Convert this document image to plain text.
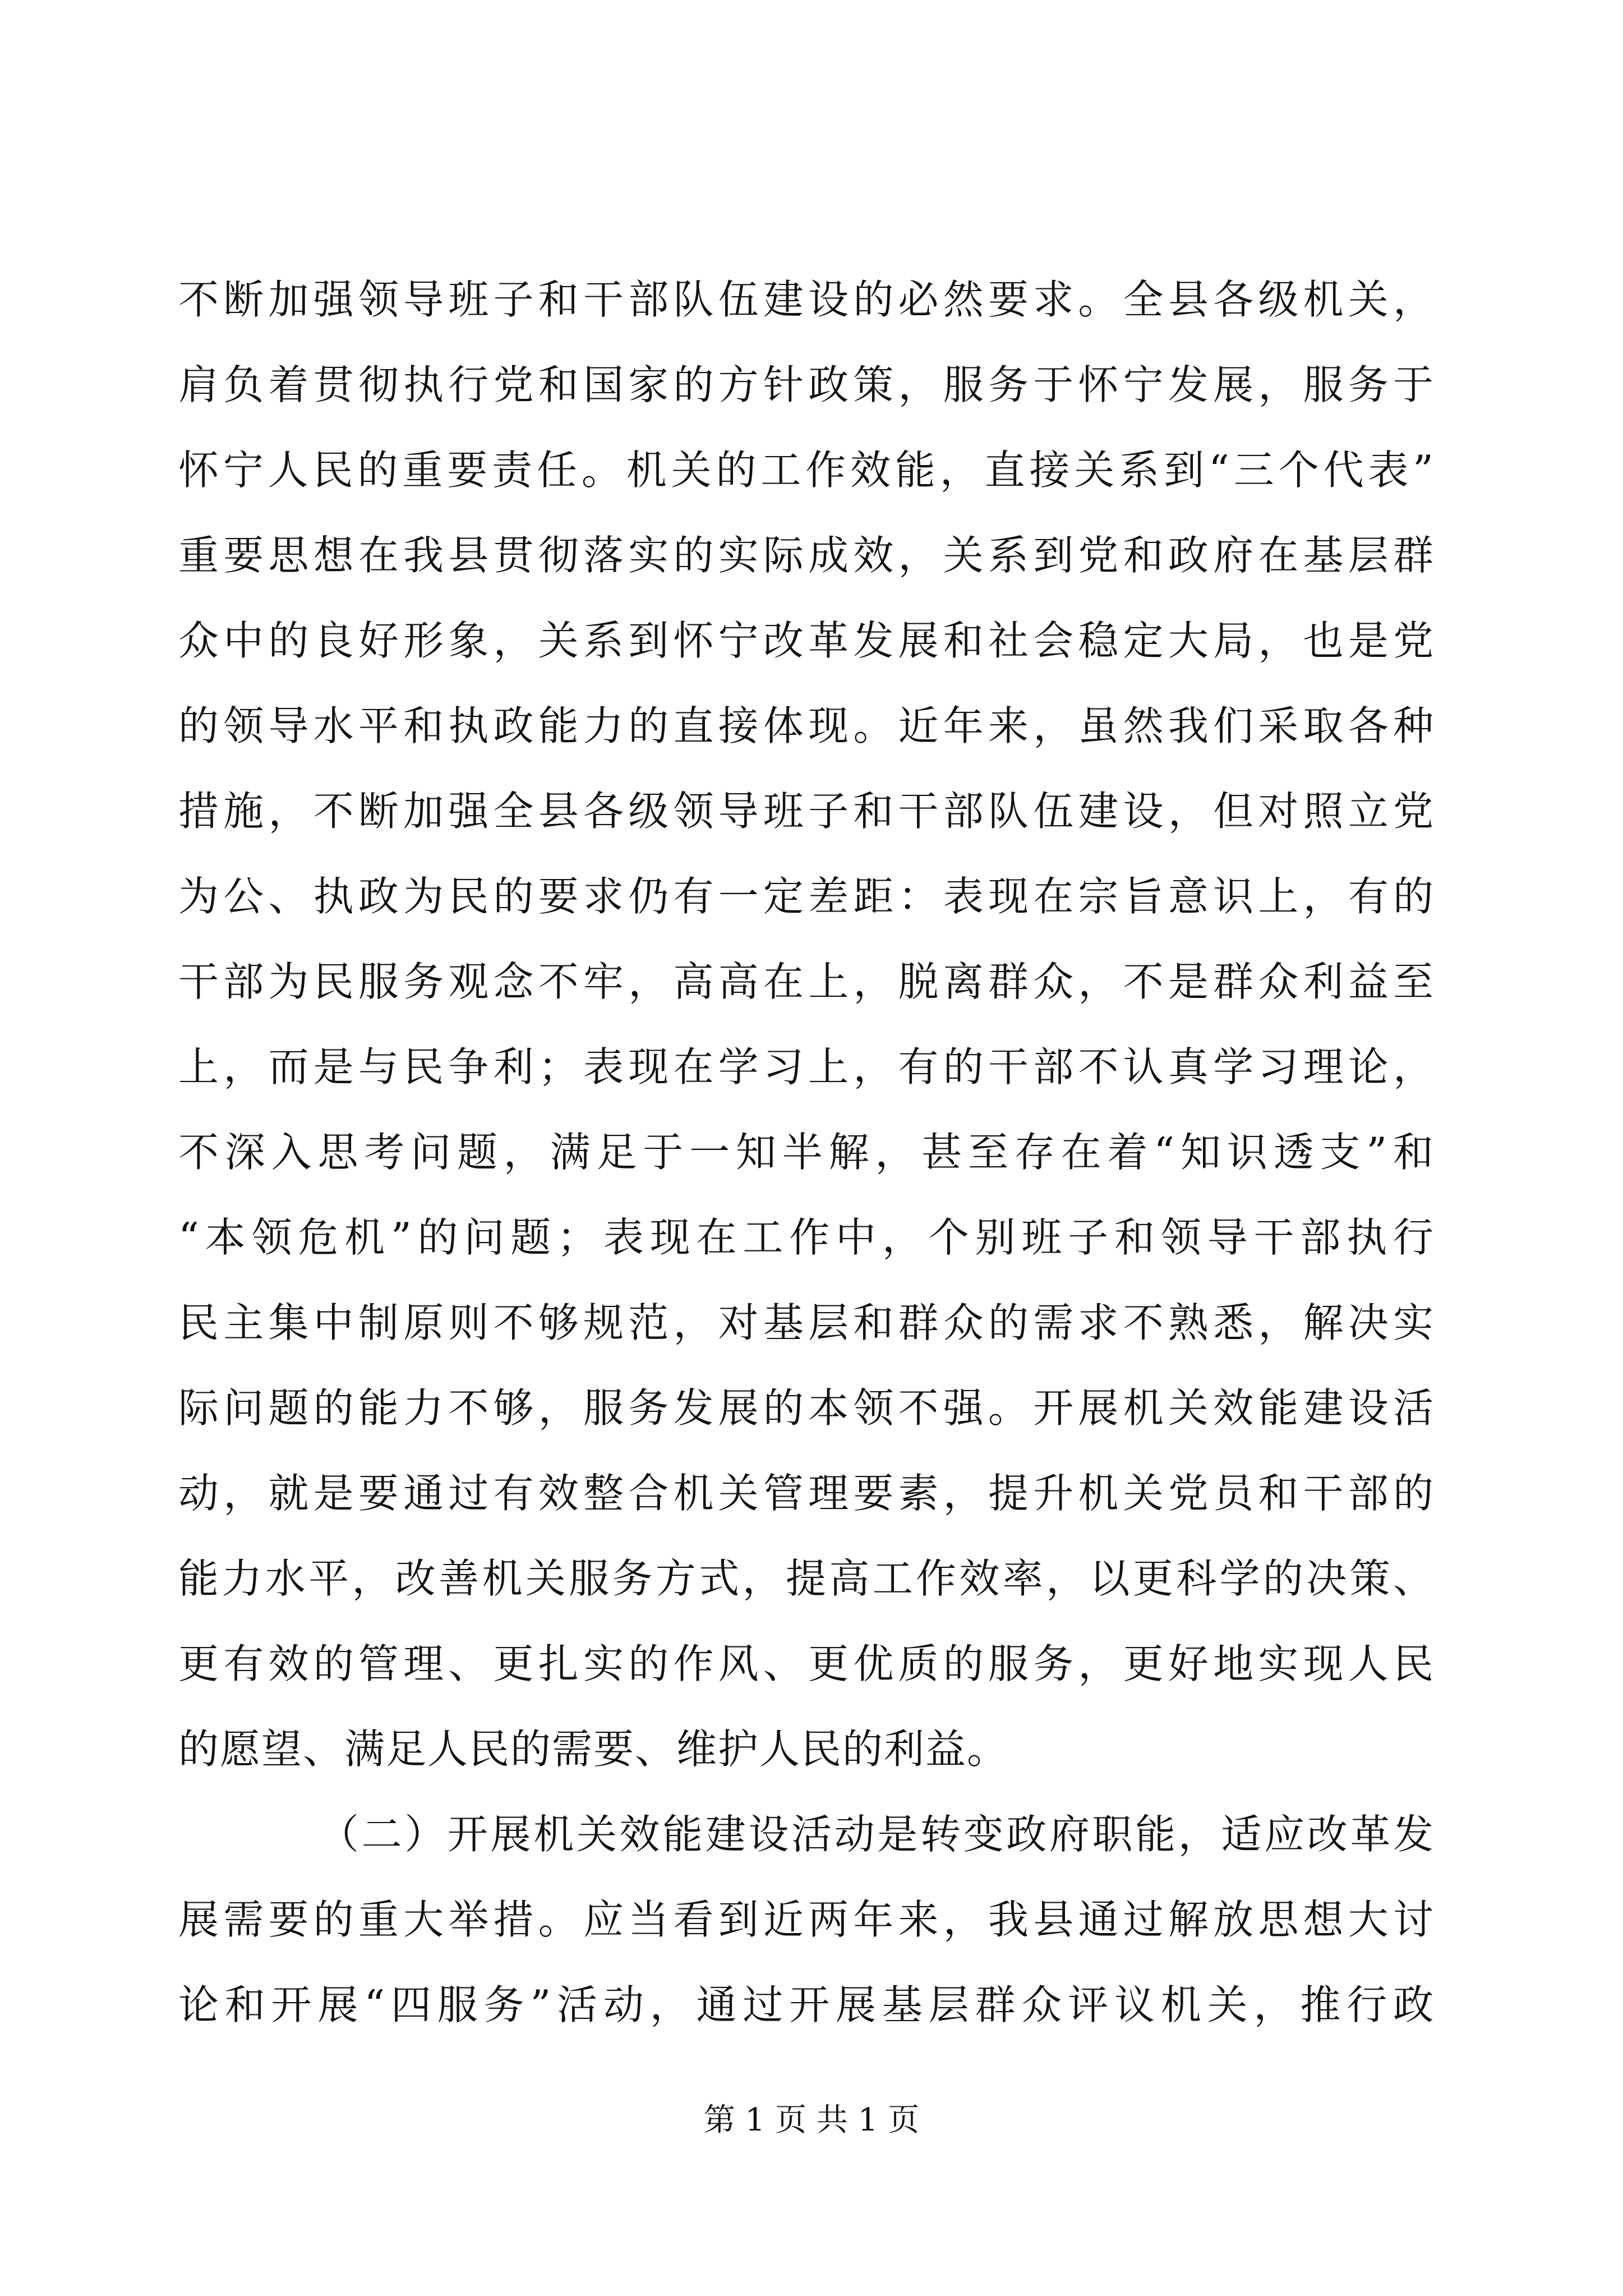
不断加强领导班子和干部队伍建设的必然要求。全县各级机关，
肩负着贯彻执行党和国家的方针政策，服务于怀宁发展，服务于
怀宁人民的重要责任。机关的工作效能，直接关系到“三个代表”
重要思想在我县贯彻落实的实际成效，关系到党和政府在基层群
众中的良好形象，关系到怀宁改革发展和社会稳定大局，也是党
的领导水平和执政能力的直接体现。近年来，虽然我们采取各种
措施，不断加强全县各级领导班子和干部队伍建设，但对照立党
为公、执政为民的要求仍有一定差距：表现在宗旨意识上，有的
干部为民服务观念不牢，高高在上，脱离群众，不是群众利益至
上，而是与民争利；表现在学习上，有的干部不认真学习理论，
不深入思考问题，满足于一知半解，甚至存在着“知识透支”和
“本领危机”的问题；表现在工作中，个别班子和领导干部执行
民主集中制原则不够规范，对基层和群众的需求不熟悉，解决实
际问题的能力不够，服务发展的本领不强。开展机关效能建设活
动，就是要通过有效整合机关管理要素，提升机关党员和干部的
能力水平，改善机关服务方式，提高工作效率，以更科学的决策、
更有效的管理、更扎实的作风、更优质的服务，更好地实现人民
的愿望、满足人民的需要、维护人民的利益。
（二）开展机关效能建设活动是转变政府职能，适应改革发
展需要的重大举措。应当看到近两年来，我县通过解放思想大讨
论和开展“四服务”活动，通过开展基层群众评议机关，推行政
第 1 页 共 1 页
